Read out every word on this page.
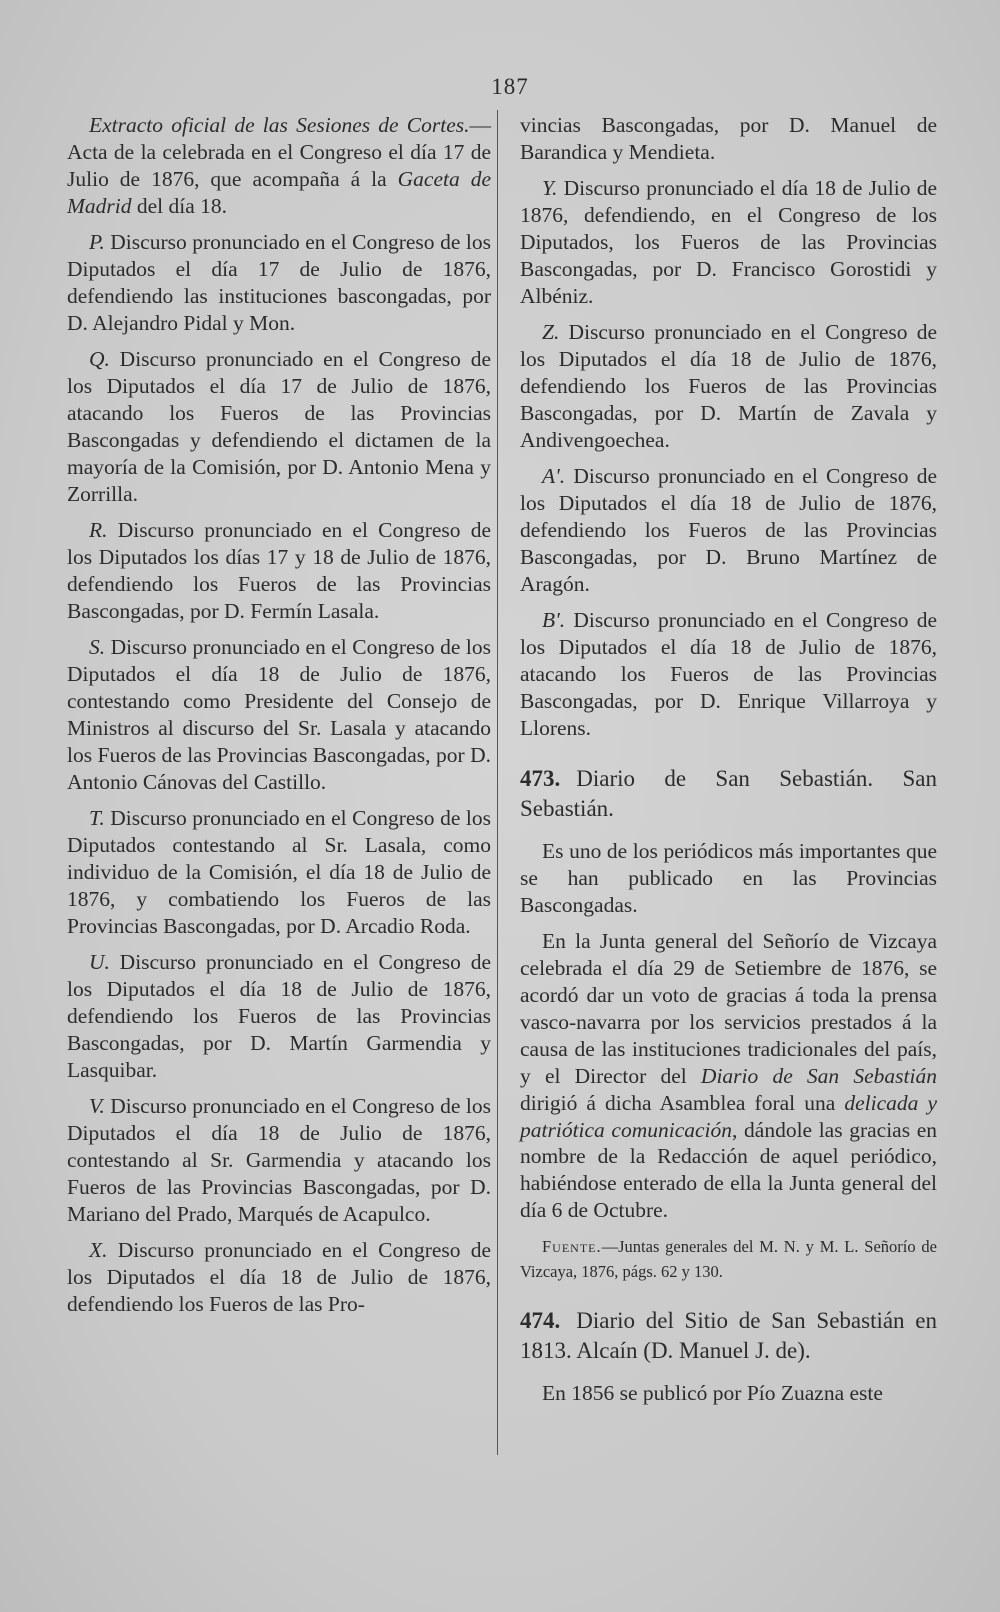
187

Extracto oficial de las Sesiones de Cortes.— Acta de la celebrada en el Congreso el día 17 de Julio de 1876, que acompaña á la Gaceta de Madrid del día 18.

P. Discurso pronunciado en el Congreso de los Diputados el día 17 de Julio de 1876, defendiendo las instituciones bascongadas, por D. Alejandro Pidal y Mon.

Q. Discurso pronunciado en el Congreso de los Diputados el día 17 de Julio de 1876, atacando los Fueros de las Provincias Bascongadas y defendiendo el dictamen de la mayoría de la Comisión, por D. Antonio Mena y Zorrilla.

R. Discurso pronunciado en el Congreso de los Diputados los días 17 y 18 de Julio de 1876, defendiendo los Fueros de las Provincias Bascongadas, por D. Fermín Lasala.

S. Discurso pronunciado en el Congreso de los Diputados el día 18 de Julio de 1876, contestando como Presidente del Consejo de Ministros al discurso del Sr. Lasala y atacando los Fueros de las Provincias Bascongadas, por D. Antonio Cánovas del Castillo.

T. Discurso pronunciado en el Congreso de los Diputados contestando al Sr. Lasala, como individuo de la Comisión, el día 18 de Julio de 1876, y combatiendo los Fueros de las Provincias Bascongadas, por D. Arcadio Roda.

U. Discurso pronunciado en el Congreso de los Diputados el día 18 de Julio de 1876, defendiendo los Fueros de las Provincias Bascongadas, por D. Martín Garmendia y Lasquibar.

V. Discurso pronunciado en el Congreso de los Diputados el día 18 de Julio de 1876, contestando al Sr. Garmendia y atacando los Fueros de las Provincias Bascongadas, por D. Mariano del Prado, Marqués de Acapulco.

X. Discurso pronunciado en el Congreso de los Diputados el día 18 de Julio de 1876, defendiendo los Fueros de las Pro-

vincias Bascongadas, por D. Manuel de Barandica y Mendieta.

Y. Discurso pronunciado el día 18 de Julio de 1876, defendiendo, en el Congreso de los Diputados, los Fueros de las Provincias Bascongadas, por D. Francisco Gorostidi y Albéniz.

Z. Discurso pronunciado en el Congreso de los Diputados el día 18 de Julio de 1876, defendiendo los Fueros de las Provincias Bascongadas, por D. Martín de Zavala y Andivengoechea.

A'. Discurso pronunciado en el Congreso de los Diputados el día 18 de Julio de 1876, defendiendo los Fueros de las Provincias Bascongadas, por D. Bruno Martínez de Aragón.

B'. Discurso pronunciado en el Congreso de los Diputados el día 18 de Julio de 1876, atacando los Fueros de las Provincias Bascongadas, por D. Enrique Villarroya y Llorens.

473. Diario de San Sebastián. San Sebastián.

Es uno de los periódicos más importantes que se han publicado en las Provincias Bascongadas.

En la Junta general del Señorío de Vizcaya celebrada el día 29 de Setiembre de 1876, se acordó dar un voto de gracias á toda la prensa vasco-navarra por los servicios prestados á la causa de las instituciones tradicionales del país, y el Director del Diario de San Sebastián dirigió á dicha Asamblea foral una delicada y patriótica comunicación, dándole las gracias en nombre de la Redacción de aquel periódico, habiéndose enterado de ella la Junta general del día 6 de Octubre.

Fuente.—Juntas generales del M. N. y M. L. Señorío de Vizcaya, 1876, págs. 62 y 130.

474. Diario del Sitio de San Sebastián en 1813. Alcaín (D. Manuel J. de).

En 1856 se publicó por Pío Zuazna este
